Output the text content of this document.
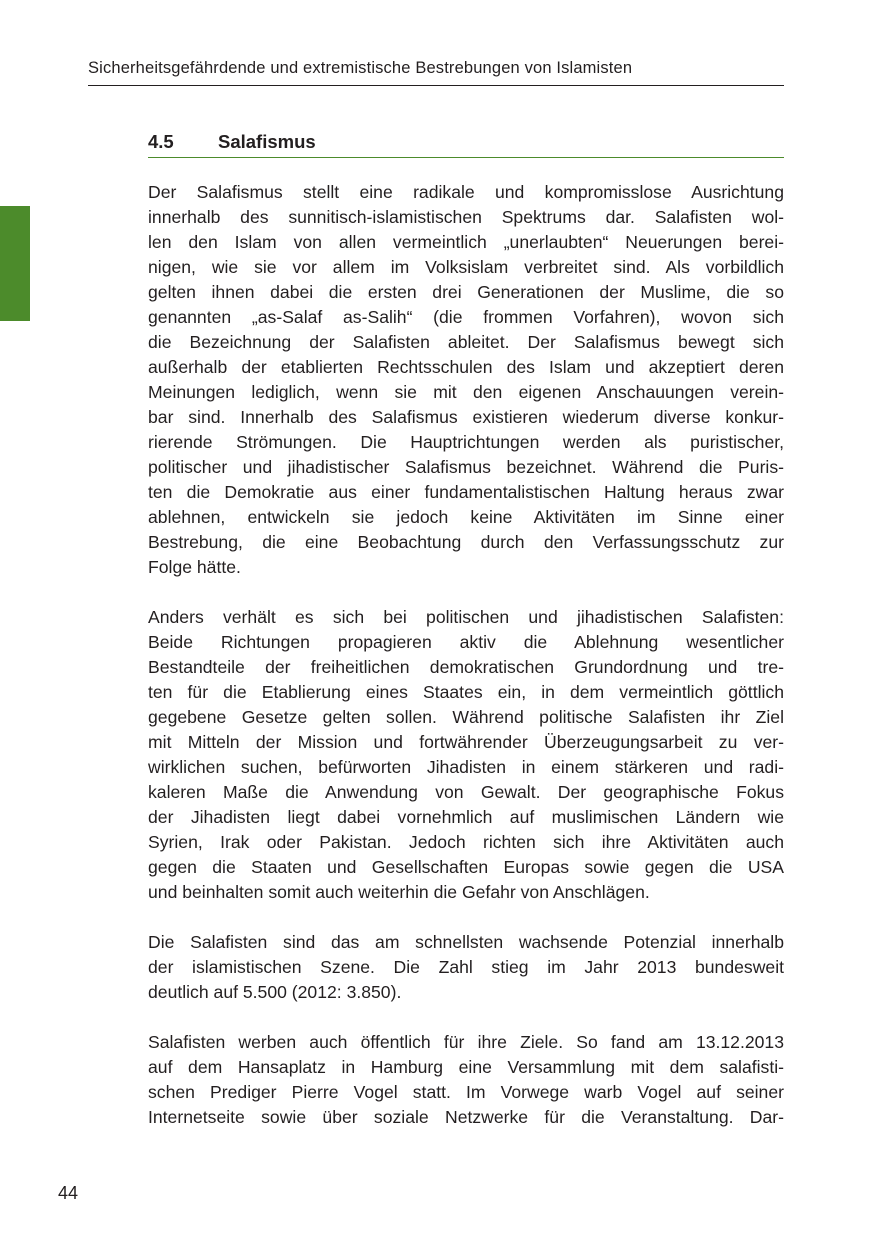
Sicherheitsgefährdende und extremistische Bestrebungen von Islamisten
4.5 Salafismus

Der Salafismus stellt eine radikale und kompromisslose Ausrichtung
innerhalb des sunnitisch-islamistischen Spektrums dar. Salafisten wol-
len den Islam von allen vermeintlich „unerlaubten“ Neuerungen berei-
nigen, wie sie vor allem im Volksislam verbreitet sind. Als vorbildlich
gelten ihnen dabei die ersten drei Generationen der Muslime, die so
genannten „as-Salaf as-Salih“ (die frommen Vorfahren), wovon sich
die Bezeichnung der Salafisten ableitet. Der Salafismus bewegt sich
außerhalb der etablierten Rechtsschulen des Islam und akzeptiert deren
Meinungen lediglich, wenn sie mit den eigenen Anschauungen verein-
bar sind. Innerhalb des Salafismus existieren wiederum diverse konkur-
rierende Strömungen. Die Hauptrichtungen werden als puristischer,
politischer und jihadistischer Salafismus bezeichnet. Während die Puris-
ten die Demokratie aus einer fundamentalistischen Haltung heraus zwar
ablehnen, entwickeln sie jedoch keine Aktivitäten im Sinne einer
Bestrebung, die eine Beobachtung durch den Verfassungsschutz zur
Folge hätte.

Anders verhält es sich bei politischen und jihadistischen Salafisten:
Beide Richtungen propagieren aktiv die Ablehnung wesentlicher
Bestandteile der freiheitlichen demokratischen Grundordnung und tre-
ten für die Etablierung eines Staates ein, in dem vermeintlich göttlich
gegebene Gesetze gelten sollen. Während politische Salafisten ihr Ziel
mit Mitteln der Mission und fortwährender Überzeugungsarbeit zu ver-
wirklichen suchen, befürworten Jihadisten in einem stärkeren und radi-
kaleren Maße die Anwendung von Gewalt. Der geographische Fokus
der Jihadisten liegt dabei vornehmlich auf muslimischen Ländern wie
Syrien, Irak oder Pakistan. Jedoch richten sich ihre Aktivitäten auch
gegen die Staaten und Gesellschaften Europas sowie gegen die USA
und beinhalten somit auch weiterhin die Gefahr von Anschlägen.

Die Salafisten sind das am schnellsten wachsende Potenzial innerhalb
der islamistischen Szene. Die Zahl stieg im Jahr 2013 bundesweit
deutlich auf 5.500 (2012: 3.850).

Salafisten werben auch öffentlich für ihre Ziele. So fand am 13.12.2013
auf dem Hansaplatz in Hamburg eine Versammlung mit dem salafisti-
schen Prediger Pierre Vogel statt. Im Vorwege warb Vogel auf seiner
Internetseite sowie über soziale Netzwerke für die Veranstaltung. Dar-

44
